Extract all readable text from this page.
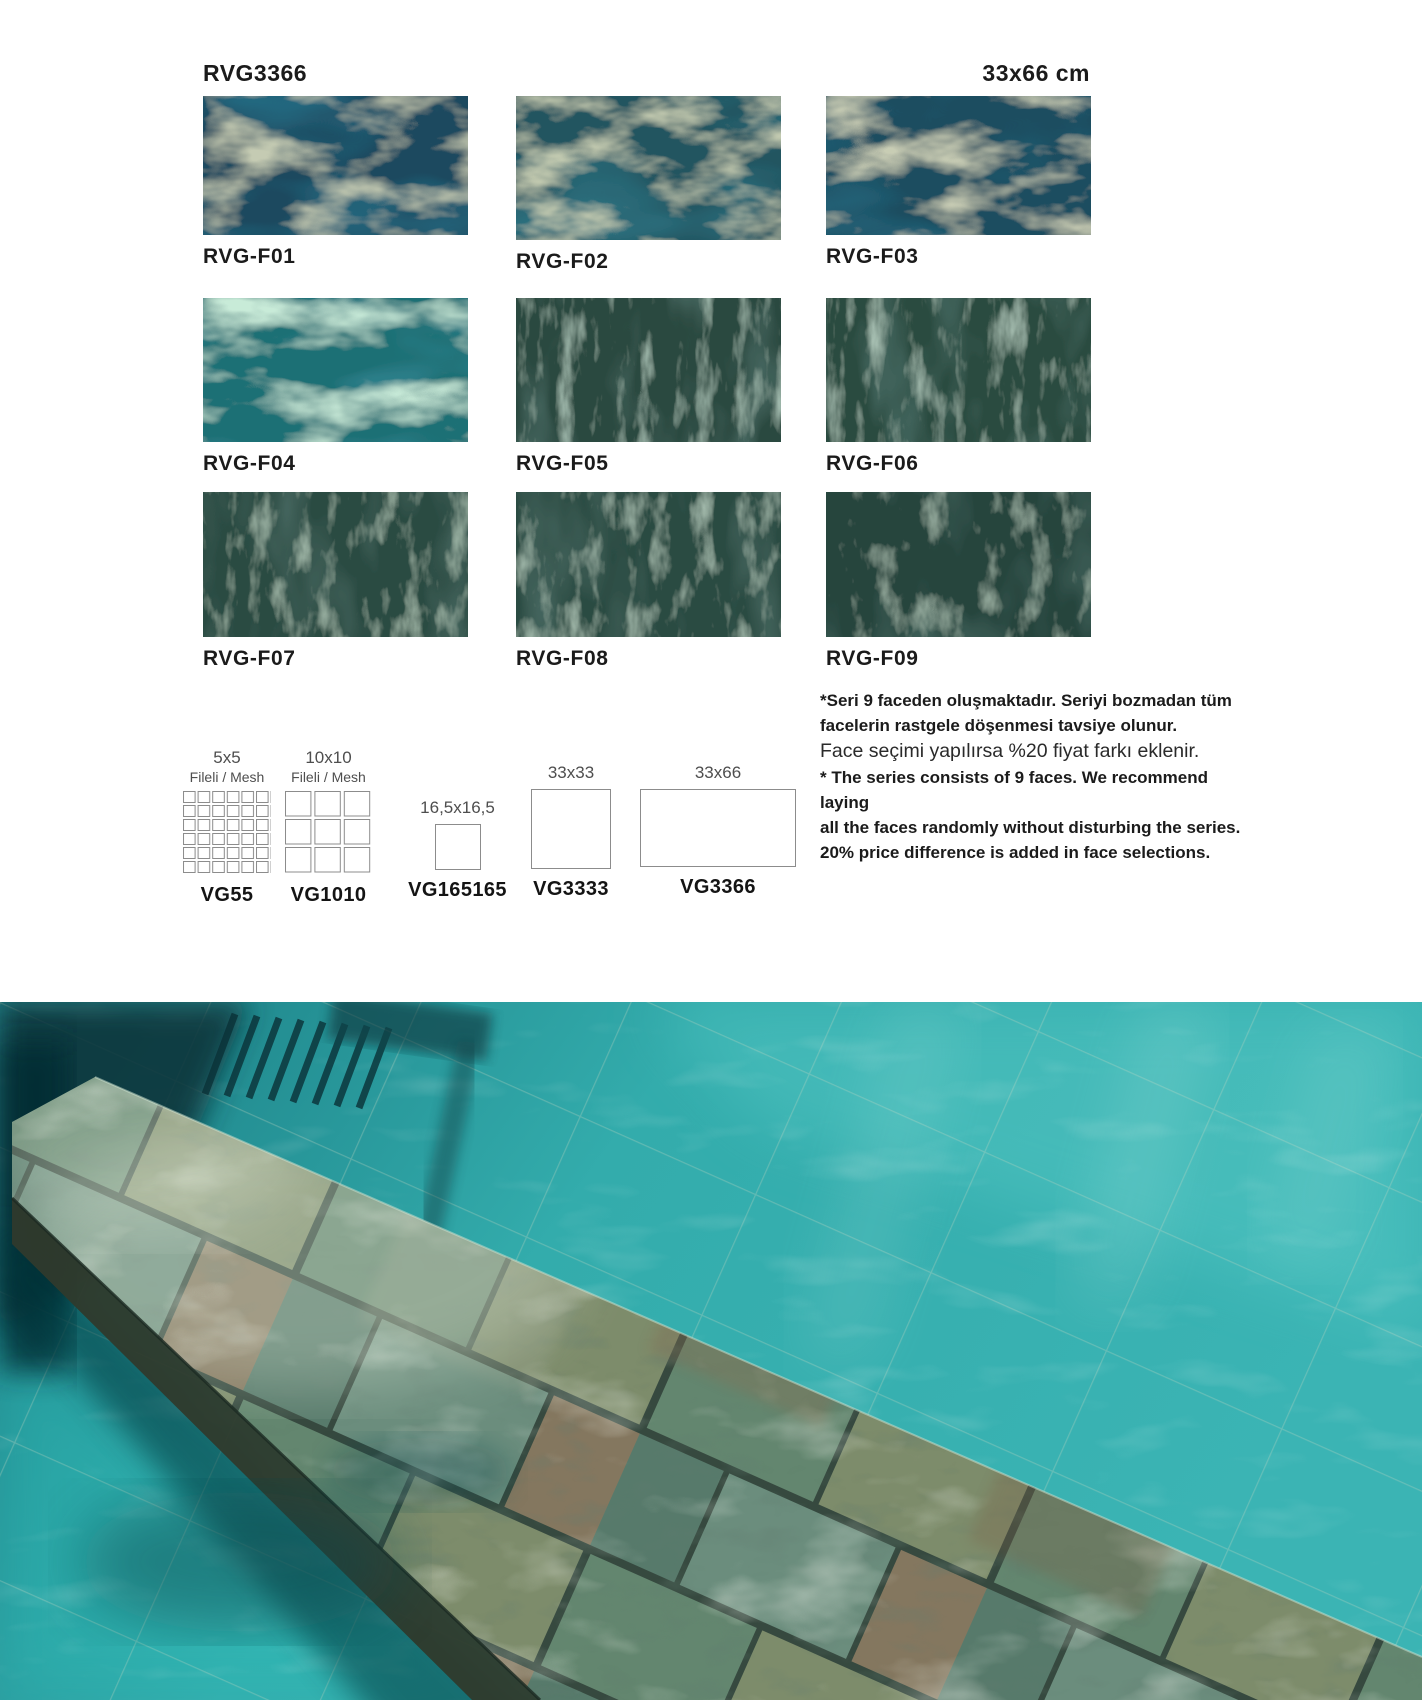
RVG3366	33x66 cm
RVG-F01	RVG-F02	RVG-F03
RVG-F04	RVG-F05	RVG-F06
RVG-F07	RVG-F08	RVG-F09
5x5
Fileli / Mesh
VG55
10x10
Fileli / Mesh
VG1010
16,5x16,5
VG165165
33x33
VG3333
33x66
VG3366
*Seri 9 faceden oluşmaktadır. Seriyi bozmadan tüm
facelerin rastgele döşenmesi tavsiye olunur.
Face seçimi yapılırsa %20 fiyat farkı eklenir.
* The series consists of 9 faces. We recommend laying
all the faces randomly without disturbing the series.
20% price difference is added in face selections.
